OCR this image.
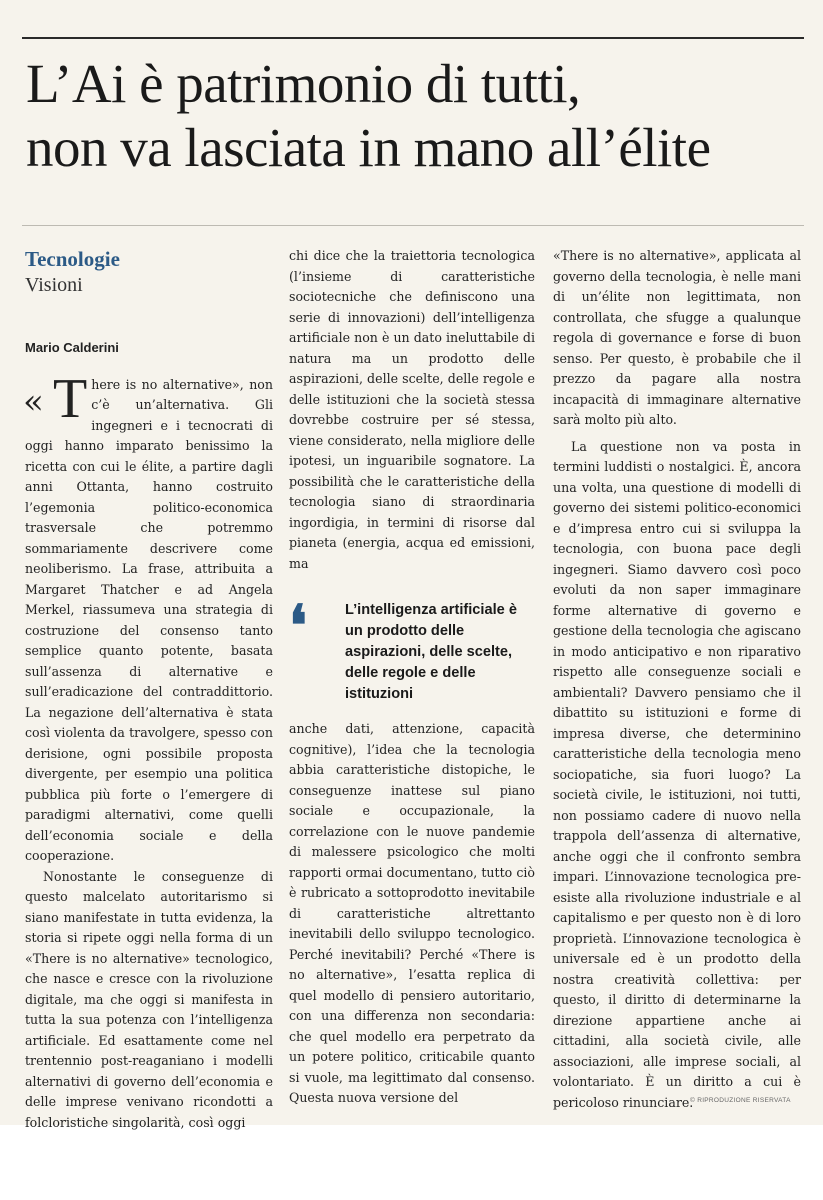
L’Ai è patrimonio di tutti,
non va lasciata in mano all’élite
Tecnologie
Visioni
Mario Calderini
« There is no alternative», non c’è un’alternativa. Gli ingegneri e i tecnocrati di oggi hanno imparato benissimo la ricetta con cui le élite, a partire dagli anni Ottanta, hanno costruito l’egemonia politico-economica trasversale che potremmo sommariamente descrivere come neoliberismo. La frase, attribuita a Margaret Thatcher e ad Angela Merkel, riassumeva una strategia di costruzione del consenso tanto semplice quanto potente, basata sull’assenza di alternative e sull’eradicazione del contraddittorio. La negazione dell’alternativa è stata così violenta da travolgere, spesso con derisione, ogni possibile proposta divergente, per esempio una politica pubblica più forte o l’emergere di paradigmi alternativi, come quelli dell’economia sociale e della cooperazione.

Nonostante le conseguenze di questo malcelato autoritarismo si siano manifestate in tutta evidenza, la storia si ripete oggi nella forma di un «There is no alternative» tecnologico, che nasce e cresce con la rivoluzione digitale, ma che oggi si manifesta in tutta la sua potenza con l’intelligenza artificiale. Ed esattamente come nel trentennio post-reaganiano i modelli alternativi di governo dell’economia e delle imprese venivano ricondotti a folcloristiche singolarità, così oggi

chi dice che la traiettoria tecnologica (l’insieme di caratteristiche sociotecniche che definiscono una serie di innovazioni) dell’intelligenza artificiale non è un dato ineluttabile di natura ma un prodotto delle aspirazioni, delle scelte, delle regole e delle istituzioni che la società stessa dovrebbe costruire per sé stessa, viene considerato, nella migliore delle ipotesi, un inguaribile sognatore. La possibilità che le caratteristiche della tecnologia siano di straordinaria ingordigia, in termini di risorse dal pianeta (energia, acqua ed emissioni, ma

❛	L’intelligenza artificiale è un prodotto delle aspirazioni, delle scelte, delle regole e delle istituzioni

anche dati, attenzione, capacità cognitive), l’idea che la tecnologia abbia caratteristiche distopiche, le conseguenze inattese sul piano sociale e occupazionale, la correlazione con le nuove pandemie di malessere psicologico che molti rapporti ormai documentano, tutto ciò è rubricato a sottoprodotto inevitabile di caratteristiche altrettanto inevitabili dello sviluppo tecnologico. Perché inevitabili? Perché «There is no alternative», l’esatta replica di quel modello di pensiero autoritario, con una differenza non secondaria: che quel modello era perpetrato da un potere politico, criticabile quanto si vuole, ma legittimato dal consenso. Questa nuova versione del

«There is no alternative», applicata al governo della tecnologia, è nelle mani di un’élite non legittimata, non controllata, che sfugge a qualunque regola di governance e forse di buon senso. Per questo, è probabile che il prezzo da pagare alla nostra incapacità di immaginare alternative sarà molto più alto.

La questione non va posta in termini luddisti o nostalgici. È, ancora una volta, una questione di modelli di governo dei sistemi politico-economici e d’impresa entro cui si sviluppa la tecnologia, con buona pace degli ingegneri. Siamo davvero così poco evoluti da non saper immaginare forme alternative di governo e gestione della tecnologia che agiscano in modo anticipativo e non riparativo rispetto alle conseguenze sociali e ambientali? Davvero pensiamo che il dibattito su istituzioni e forme di impresa diverse, che determinino caratteristiche della tecnologia meno sociopatiche, sia fuori luogo? La società civile, le istituzioni, noi tutti, non possiamo cadere di nuovo nella trappola dell’assenza di alternative, anche oggi che il confronto sembra impari. L’innovazione tecnologica pre-esiste alla rivoluzione industriale e al capitalismo e per questo non è di loro proprietà. L’innovazione tecnologica è universale ed è un prodotto della nostra creatività collettiva: per questo, il diritto di determinarne la direzione appartiene anche ai cittadini, alla società civile, alle associazioni, alle imprese sociali, al volontariato. È un diritto a cui è pericoloso rinunciare.

© RIPRODUZIONE RISERVATA
